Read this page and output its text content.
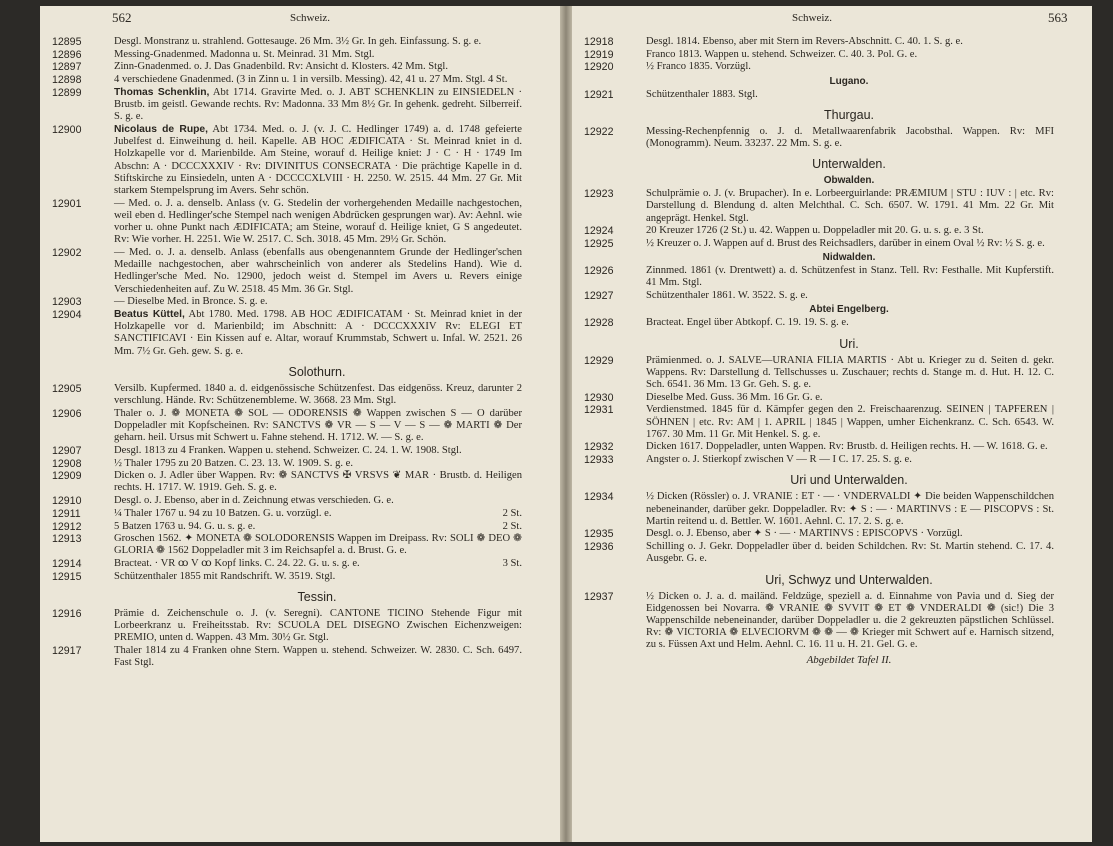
562	Schweiz.
12895	Desgl. Monstranz u. strahlend. Gottesauge. 26 Mm. 3½ Gr. In geh. Einfassung. S. g. e.
12896	Messing-Gnadenmed. Madonna u. St. Meinrad. 31 Mm. Stgl.
12897	Zinn-Gnadenmed. o. J. Das Gnadenbild. Rv: Ansicht d. Klosters. 42 Mm. Stgl.
12898	4 verschiedene Gnadenmed. (3 in Zinn u. 1 in versilb. Messing). 42, 41 u. 27 Mm. Stgl. 4 St.
12899	Thomas Schenklin, Abt 1714. Gravirte Med. o. J. ABT SCHENKLIN zu EINSIEDELN · Brustb. im geistl. Gewande rechts. Rv: Madonna. 33 Mm 8½ Gr. In gehenk. gedreht. Silberreif. S. g. e.
12900	Nicolaus de Rupe, Abt 1734. Med. o. J. (v. J. C. Hedlinger 1749) a. d. 1748 gefeierte Jubelfest d. Einweihung d. heil. Kapelle. AB HOC ÆDIFICATA · St. Meinrad kniet in d. Holzkapelle vor d. Marienbilde. Am Steine, worauf d. Heilige kniet: J · C · H · 1749 Im Abschn: A · DCCCXXXIV · Rv: DIVINITUS CONSECRATA · Die prächtige Kapelle in d. Stiftskirche zu Einsiedeln, unten A · DCCCCXLVIII · H. 2250. W. 2515. 44 Mm. 27 Gr. Mit starkem Stempelsprung im Avers. Sehr schön.
12901	— Med. o. J. a. denselb. Anlass (v. G. Stedelin der vorhergehenden Medaille nachgestochen, weil eben d. Hedlinger'sche Stempel nach wenigen Abdrücken gesprungen war). Av: Aehnl. wie vorher u. ohne Punkt nach ÆDIFICATA; am Steine, worauf d. Heilige kniet, G S angedeutet. Rv: Wie vorher. H. 2251. Wie W. 2517. C. Sch. 3018. 45 Mm. 29½ Gr. Schön.
12902	— Med. o. J. a. denselb. Anlass (ebenfalls aus obengenanntem Grunde der Hedlinger'schen Medaille nachgestochen, aber wahrscheinlich von anderer als Stedelins Hand). Wie d. Hedlinger'sche Med. No. 12900, jedoch weist d. Stempel im Avers u. Revers einige Verschiedenheiten auf. Zu W. 2518. 45 Mm. 36 Gr. Stgl.
12903	— Dieselbe Med. in Bronce. S. g. e.
12904	Beatus Küttel, Abt 1780. Med. 1798. AB HOC ÆDIFICATAM · St. Meinrad kniet in der Holzkapelle vor d. Marienbild; im Abschnitt: A · DCCCXXXIV Rv: ELEGI ET SANCTIFICAVI · Ein Kissen auf e. Altar, worauf Krummstab, Schwert u. Infal. W. 2521. 26 Mm. 7½ Gr. Geh. gew. S. g. e.
Solothurn.
12905	Versilb. Kupfermed. 1840 a. d. eidgenössische Schützenfest. Das eidgenöss. Kreuz, darunter 2 verschlung. Hände. Rv: Schützenembleme. W. 3668. 23 Mm. Stgl.
12906	Thaler o. J. ❁ MONETA ❁ SOL — ODORENSIS ❁ Wappen zwischen S — O darüber Doppeladler mit Kopfscheinen. Rv: SANCTVS ❁ VR — S — V — S — ❁ MARTI ❁ Der geharn. heil. Ursus mit Schwert u. Fahne stehend. H. 1712. W. — S. g. e.
12907	Desgl. 1813 zu 4 Franken. Wappen u. stehend. Schweizer. C. 24. 1. W. 1908. Stgl.
12908	½ Thaler 1795 zu 20 Batzen. C. 23. 13. W. 1909. S. g. e.
12909	Dicken o. J. Adler über Wappen. Rv: ❁ SANCTVS ✠ VRSVS ❦ MAR · Brustb. d. Heiligen rechts. H. 1717. W. 1919. Geh. S. g. e.
12910	Desgl. o. J. Ebenso, aber in d. Zeichnung etwas verschieden. G. e.
12911	¼ Thaler 1767 u. 94 zu 10 Batzen. G. u. vorzügl. e.	2 St.
12912	5 Batzen 1763 u. 94. G. u. s. g. e.	2 St.
12913	Groschen 1562. ✦ MONETA ❁ SOLODORENSIS Wappen im Dreipass. Rv: SOLI ❁ DEO ❁ GLORIA ❁ 1562 Doppeladler mit 3 im Reichsapfel a. d. Brust. G. e.
12914	Bracteat. · VR ꝏ V ꝏ Kopf links. C. 24. 22. G. u. s. g. e.	3 St.
12915	Schützenthaler 1855 mit Randschrift. W. 3519. Stgl.
Tessin.
12916	Prämie d. Zeichenschule o. J. (v. Seregni). CANTONE TICINO Stehende Figur mit Lorbeerkranz u. Freiheitsstab. Rv: SCUOLA DEL DISEGNO Zwischen Eichenzweigen: PREMIO, unten d. Wappen. 43 Mm. 30½ Gr. Stgl.
12917	Thaler 1814 zu 4 Franken ohne Stern. Wappen u. stehend. Schweizer. W. 2830. C. Sch. 6497. Fast Stgl.
Schweiz.	563
12918	Desgl. 1814. Ebenso, aber mit Stern im Revers-Abschnitt. C. 40. 1. S. g. e.
12919	Franco 1813. Wappen u. stehend. Schweizer. C. 40. 3. Pol. G. e.
12920	½ Franco 1835. Vorzügl.
Lugano.
12921	Schützenthaler 1883. Stgl.
Thurgau.
12922	Messing-Rechenpfennig o. J. d. Metallwaarenfabrik Jacobsthal. Wappen. Rv: MFI (Monogramm). Neum. 33237. 22 Mm. S. g. e.
Unterwalden.
Obwalden.
12923	Schulprämie o. J. (v. Brupacher). In e. Lorbeerguirlande: PRÆMIUM | STU : IUV : | etc. Rv: Darstellung d. Blendung d. alten Melchthal. C. Sch. 6507. W. 1791. 41 Mm. 22 Gr. Mit angeprägt. Henkel. Stgl.
12924	20 Kreuzer 1726 (2 St.) u. 42. Wappen u. Doppeladler mit 20. G. u. s. g. e. 3 St.
12925	½ Kreuzer o. J. Wappen auf d. Brust des Reichsadlers, darüber in einem Oval ½ Rv: ½ S. g. e.
Nidwalden.
12926	Zinnmed. 1861 (v. Drentwett) a. d. Schützenfest in Stanz. Tell. Rv: Festhalle. Mit Kupferstift. 41 Mm. Stgl.
12927	Schützenthaler 1861. W. 3522. S. g. e.
Abtei Engelberg.
12928	Bracteat. Engel über Abtkopf. C. 19. 19. S. g. e.
Uri.
12929	Prämienmed. o. J. SALVE—URANIA FILIA MARTIS · Abt u. Krieger zu d. Seiten d. gekr. Wappens. Rv: Darstellung d. Tellschusses u. Zuschauer; rechts d. Stange m. d. Hut. H. 12. C. Sch. 6541. 36 Mm. 13 Gr. Geh. S. g. e.
12930	Dieselbe Med. Guss. 36 Mm. 16 Gr. G. e.
12931	Verdienstmed. 1845 für d. Kämpfer gegen den 2. Freischaarenzug. SEINEN | TAPFEREN | SÖHNEN | etc. Rv: AM | 1. APRIL | 1845 | Wappen, umher Eichenkranz. C. Sch. 6543. W. 1767. 30 Mm. 11 Gr. Mit Henkel. S. g. e.
12932	Dicken 1617. Doppeladler, unten Wappen. Rv: Brustb. d. Heiligen rechts. H. — W. 1618. G. e.
12933	Angster o. J. Stierkopf zwischen V — R — I C. 17. 25. S. g. e.
Uri und Unterwalden.
12934	½ Dicken (Rössler) o. J. VRANIE : ET · — · VNDERVALDI ✦ Die beiden Wappenschildchen nebeneinander, darüber gekr. Doppeladler. Rv: ✦ S : — · MARTINVS : E — PISCOPVS : St. Martin reitend u. d. Bettler. W. 1601. Aehnl. C. 17. 2. S. g. e.
12935	Desgl. o. J. Ebenso, aber ✦ S · — · MARTINVS : EPISCOPVS · Vorzügl.
12936	Schilling o. J. Gekr. Doppeladler über d. beiden Schildchen. Rv: St. Martin stehend. C. 17. 4. Ausgebr. G. e.
Uri, Schwyz und Unterwalden.
12937	½ Dicken o. J. a. d. mailänd. Feldzüge, speziell a. d. Einnahme von Pavia und d. Sieg der Eidgenossen bei Novarra. ❁ VRANIE ❁ SVVIT ❁ ET ❁ VNDERALDI ❁ (sic!) Die 3 Wappenschilde nebeneinander, darüber Doppeladler u. die 2 gekreuzten päpstlichen Schlüssel. Rv: ❁ VICTORIA ❁ ELVECIORVM ❁ ❁ — ❁ Krieger mit Schwert auf e. Harnisch sitzend, zu s. Füssen Axt und Helm. Aehnl. C. 16. 11 u. H. 21. Gel. G. e.
Abgebildet Tafel II.
